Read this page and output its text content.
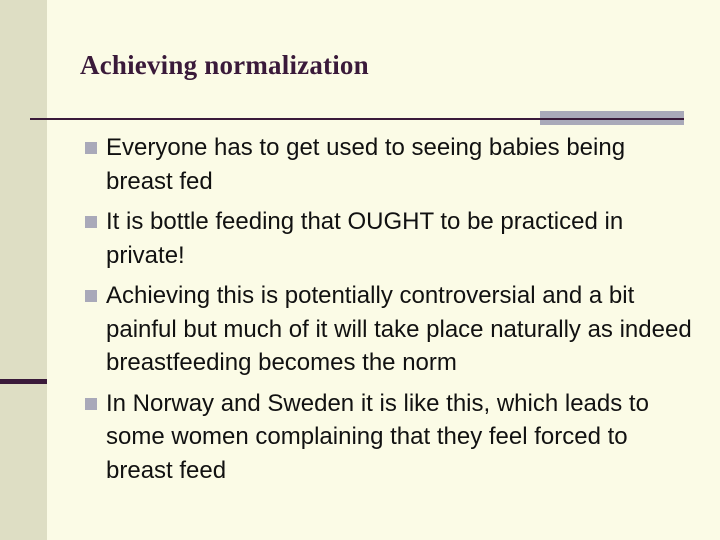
Achieving normalization
Everyone has to get used to seeing babies being breast fed
It is bottle feeding that OUGHT to be practiced in private!
Achieving this is potentially controversial and a bit painful but much of it will take place naturally as indeed breastfeeding becomes the norm
In Norway and Sweden it is like this, which leads to some women complaining that they feel forced to breast feed
